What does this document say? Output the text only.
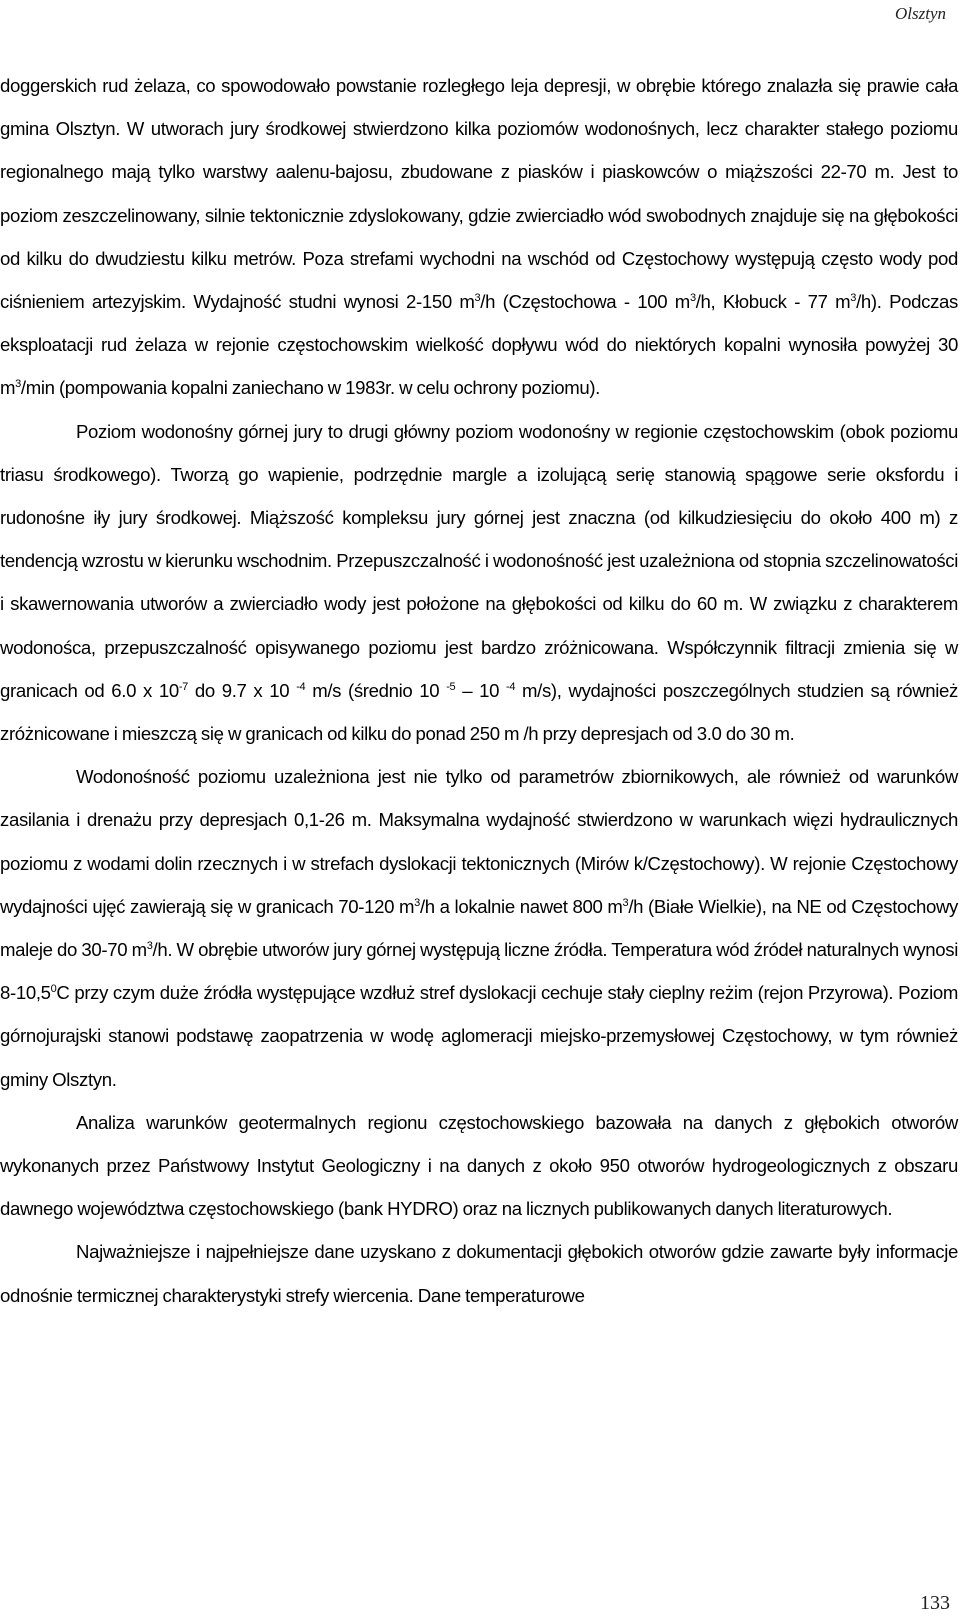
Olsztyn

doggerskich rud żelaza, co spowodowało powstanie rozległego leja depresji, w obrębie którego znalazła się prawie cała gmina Olsztyn. W utworach jury środkowej stwierdzono kilka poziomów wodonośnych, lecz charakter stałego poziomu regionalnego mają tylko warstwy aalenu-bajosu, zbudowane z piasków i piaskowców o miąższości 22-70 m. Jest to poziom zeszczelinowany, silnie tektonicznie zdyslokowany, gdzie zwierciadło wód swobodnych znajduje się na głębokości od kilku do dwudziestu kilku metrów. Poza strefami wychodni na wschód od Częstochowy występują często wody pod ciśnieniem artezyjskim. Wydajność studni wynosi 2-150 $m^3/h$ (Częstochowa - 100 $m^3/h$, Kłobuck - 77 $m^3/h$). Podczas eksploatacji rud żelaza w rejonie częstochowskim wielkość dopływu wód do niektórych kopalni wynosiła powyżej 30 $m^3/\min$ (pompowania kopalni zaniechano w 1983r. w celu ochrony poziomu).

Poziom wodonośny górnej jury to drugi główny poziom wodonośny w regionie częstochowskim (obok poziomu triasu środkowego). Tworzą go wapienie, podrzędnie margle a izolującą serię stanowią spągowe serie oksfordu i rudonośne iły jury środkowej. Miąższość kompleksu jury górnej jest znaczna (od kilkudziesięciu do około 400 m) z tendencją wzrostu w kierunku wschodnim. Przepuszczalność i wodonośność jest uzależniona od stopnia szczelinowatości i skawernowania utworów a zwierciadło wody jest położone na głębokości od kilku do 60 m. W związku z charakterem wodonośca, przepuszczalność opisywanego poziomu jest bardzo zróżnicowana. Współczynnik filtracji zmienia się w granicach od 6.0 x $10^{-7}$ do 9.7 x 10 $^{-4}$ m/s (średnio 10 $^{-5}$ – 10 $^{-4}$ m/s), wydajności poszczególnych studzien są również zróżnicowane i mieszczą się w granicach od kilku do ponad 250 m /h przy depresjach od 3.0 do 30 m.

Wodonośność poziomu uzależniona jest nie tylko od parametrów zbiornikowych, ale również od warunków zasilania i drenażu przy depresjach 0,1-26 m. Maksymalna wydajność stwierdzono w warunkach więzi hydraulicznych poziomu z wodami dolin rzecznych i w strefach dyslokacji tektonicznych (Mirów k/Częstochowy). W rejonie Częstochowy wydajności ujęć zawierają się w granicach 70-120 $m^3/h$ a lokalnie nawet 800 $m^3/h$ (Białe Wielkie), na NE od Częstochowy maleje do 30-70 $m^3/h$. W obrębie utworów jury górnej występują liczne źródła. Temperatura wód źródeł naturalnych wynosi 8-10,5$^0$C przy czym duże źródła występujące wzdłuż stref dyslokacji cechuje stały cieplny reżim (rejon Przyrowa). Poziom górnojurajski stanowi podstawę zaopatrzenia w wodę aglomeracji miejsko-przemysłowej Częstochowy, w tym również gminy Olsztyn.

Analiza warunków geotermalnych regionu częstochowskiego bazowała na danych z głębokich otworów wykonanych przez Państwowy Instytut Geologiczny i na danych z około 950 otworów hydrogeologicznych z obszaru dawnego województwa częstochowskiego (bank HYDRO) oraz na licznych publikowanych danych literaturowych.

Najważniejsze i najpełniejsze dane uzyskano z dokumentacji głębokich otworów gdzie zawarte były informacje odnośnie termicznej charakterystyki strefy wiercenia. Dane temperaturowe

133
